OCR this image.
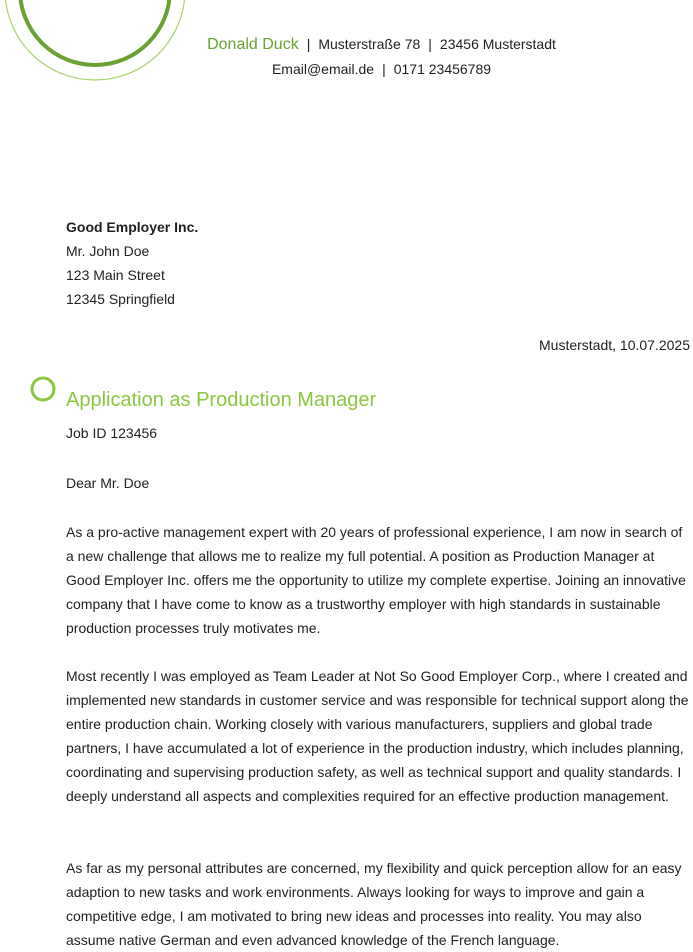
Donald Duck | Musterstraße 78 | 23456 Musterstadt
Email@email.de | 0171 23456789
Good Employer Inc.
Mr. John Doe
123 Main Street
12345 Springfield
Musterstadt, 10.07.2025
Application as Production Manager
Job ID 123456
Dear Mr. Doe

As a pro-active management expert with 20 years of professional experience, I am now in search of a new challenge that allows me to realize my full potential. A position as Production Manager at Good Employer Inc. offers me the opportunity to utilize my complete expertise. Joining an innovative company that I have come to know as a trustworthy employer with high standards in sustainable production processes truly motivates me.

Most recently I was employed as Team Leader at Not So Good Employer Corp., where I created and implemented new standards in customer service and was responsible for technical support along the entire production chain. Working closely with various manufacturers, suppliers and global trade partners, I have accumulated a lot of experience in the production industry, which includes planning, coordinating and supervising production safety, as well as technical support and quality standards. I deeply understand all aspects and complexities required for an effective production management.

As far as my personal attributes are concerned, my flexibility and quick perception allow for an easy adaption to new tasks and work environments. Always looking for ways to improve and gain a competitive edge, I am motivated to bring new ideas and processes into reality. You may also assume native German and even advanced knowledge of the French language.
